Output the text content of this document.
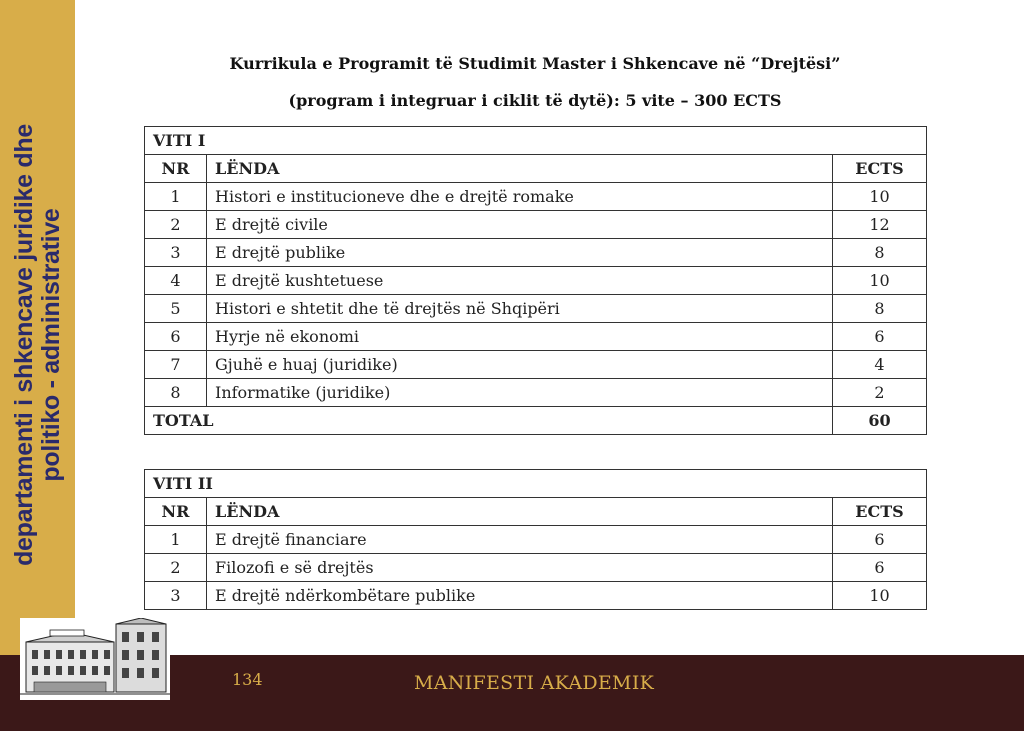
departamenti i shkencave juridike dhe politiko - administrative
Kurrikula e Programit të Studimit Master i Shkencave në “Drejtësi”
(program i integruar i ciklit të dytë): 5 vite – 300 ECTS
VITI I		
NR	LËNDA	ECTS
1	Histori e institucioneve dhe e drejtë romake	10
2	E drejtë civile	12
3	E drejtë publike	8
4	E drejtë kushtetuese	10
5	Histori e shtetit dhe të drejtës në Shqipëri	8
6	Hyrje në ekonomi	6
7	Gjuhë e huaj (juridike)	4
8	Informatike (juridike)	2
TOTAL		60
VITI II		
NR	LËNDA	ECTS
1	E drejtë financiare	6
2	Filozofi e së drejtës	6
3	E drejtë ndërkombëtare publike	10
134	MANIFESTI AKADEMIK
